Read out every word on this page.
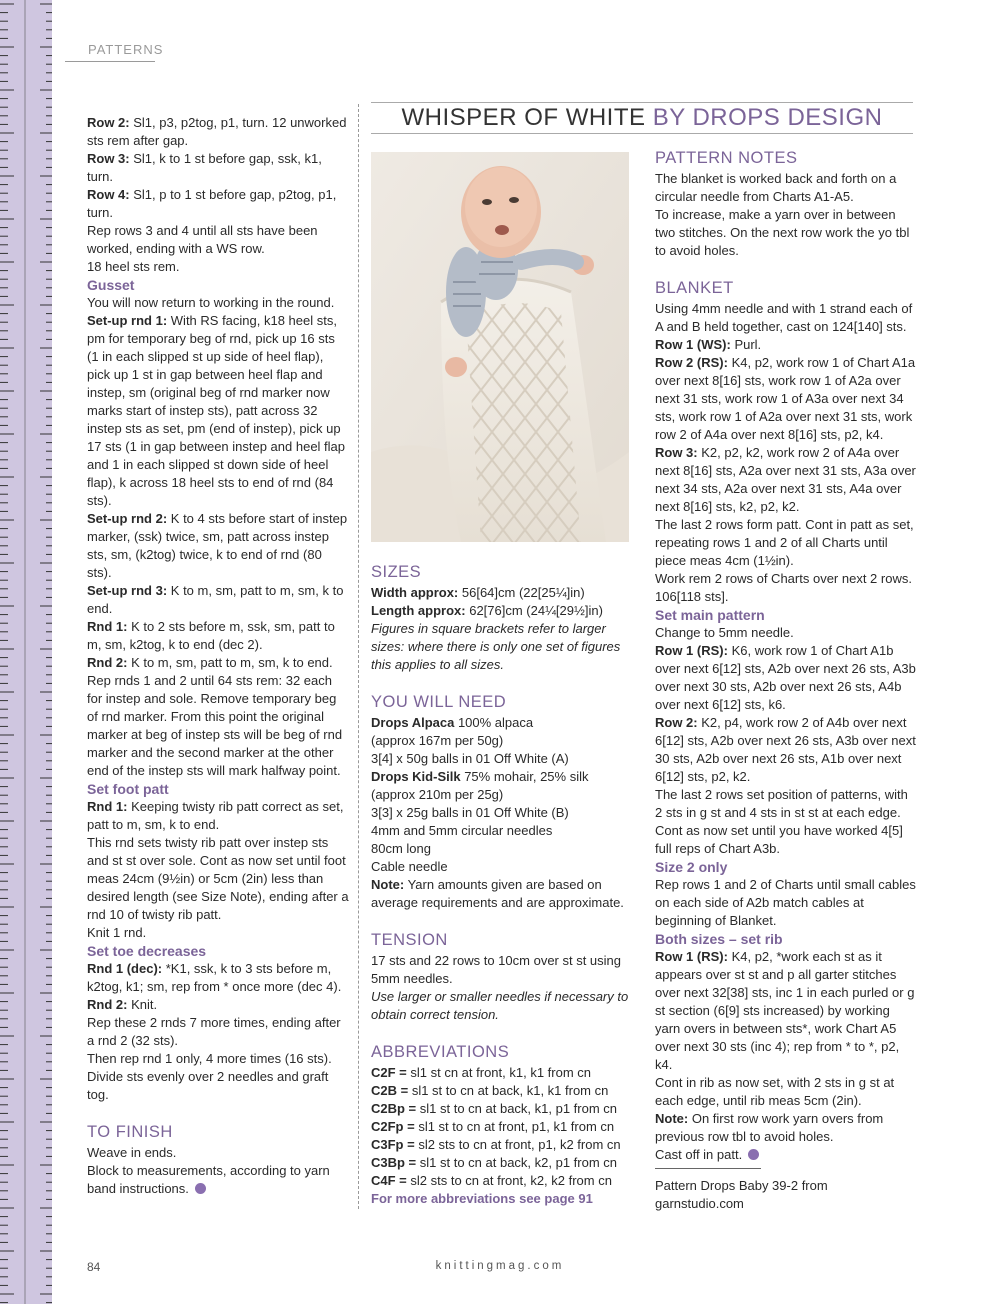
PATTERNS
WHISPER OF WHITE BY DROPS DESIGN

Row 2: Sl1, p3, p2tog, p1, turn. 12 unworked sts rem after gap.

Row 3: Sl1, k to 1 st before gap, ssk, k1, turn.

Row 4: Sl1, p to 1 st before gap, p2tog, p1, turn.

Rep rows 3 and 4 until all sts have been worked, ending with a WS row.

18 heel sts rem.

Gusset

You will now return to working in the round.

Set-up rnd 1: With RS facing, k18 heel sts, pm for temporary beg of rnd, pick up 16 sts (1 in each slipped st up side of heel flap), pick up 1 st in gap between heel flap and instep, sm (original beg of rnd marker now marks start of instep sts), patt across 32 instep sts as set, pm (end of instep), pick up 17 sts (1 in gap between instep and heel flap and 1 in each slipped st down side of heel flap), k across 18 heel sts to end of rnd (84 sts).

Set-up rnd 2: K to 4 sts before start of instep marker, (ssk) twice, sm, patt across instep sts, sm, (k2tog) twice, k to end of rnd (80 sts).

Set-up rnd 3: K to m, sm, patt to m, sm, k to end.

Rnd 1: K to 2 sts before m, ssk, sm, patt to m, sm, k2tog, k to end (dec 2).

Rnd 2: K to m, sm, patt to m, sm, k to end.

Rep rnds 1 and 2 until 64 sts rem: 32 each for instep and sole. Remove temporary beg of rnd marker. From this point the original marker at beg of instep sts will be beg of rnd marker and the second marker at the other end of the instep sts will mark halfway point.

Set foot patt

Rnd 1: Keeping twisty rib patt correct as set, patt to m, sm, k to end.

This rnd sets twisty rib patt over instep sts and st st over sole. Cont as now set until foot meas 24cm (9½in) or 5cm (2in) less than desired length (see Size Note), ending after a rnd 10 of twisty rib patt.

Knit 1 rnd.

Set toe decreases

Rnd 1 (dec): *K1, ssk, k to 3 sts before m, k2tog, k1; sm, rep from * once more (dec 4).

Rnd 2: Knit.

Rep these 2 rnds 7 more times, ending after a rnd 2 (32 sts).

Then rep rnd 1 only, 4 more times (16 sts).

Divide sts evenly over 2 needles and graft tog.

TO FINISH

Weave in ends.

Block to measurements, according to yarn band instructions.

SIZES

Width approx: 56[64]cm (22[25¼]in)

Length approx: 62[76]cm (24¼[29½]in)

Figures in square brackets refer to larger sizes: where there is only one set of figures this applies to all sizes.

YOU WILL NEED

Drops Alpaca 100% alpaca

(approx 167m per 50g)

3[4] x 50g balls in 01 Off White (A)

Drops Kid-Silk 75% mohair, 25% silk

(approx 210m per 25g)

3[3] x 25g balls in 01 Off White (B)

4mm and 5mm circular needles

80cm long

Cable needle

Note: Yarn amounts given are based on average requirements and are approximate.

TENSION

17 sts and 22 rows to 10cm over st st using 5mm needles.

Use larger or smaller needles if necessary to obtain correct tension.

ABBREVIATIONS

C2F = sl1 st cn at front, k1, k1 from cn

C2B = sl1 st to cn at back, k1, k1 from cn

C2Bp = sl1 st to cn at back, k1, p1 from cn

C2Fp = sl1 st to cn at front, p1, k1 from cn

C3Fp = sl2 sts to cn at front, p1, k2 from cn

C3Bp = sl1 st to cn at back, k2, p1 from cn

C4F = sl2 sts to cn at front, k2, k2 from cn

For more abbreviations see page 91

PATTERN NOTES

The blanket is worked back and forth on a circular needle from Charts A1-A5.

To increase, make a yarn over in between two stitches. On the next row work the yo tbl to avoid holes.

BLANKET

Using 4mm needle and with 1 strand each of A and B held together, cast on 124[140] sts.

Row 1 (WS): Purl.

Row 2 (RS): K4, p2, work row 1 of Chart A1a over next 8[16] sts, work row 1 of A2a over next 31 sts, work row 1 of A3a over next 34 sts, work row 1 of A2a over next 31 sts, work row 2 of A4a over next 8[16] sts, p2, k4.

Row 3: K2, p2, k2, work row 2 of A4a over next 8[16] sts, A2a over next 31 sts, A3a over next 34 sts, A2a over next 31 sts, A4a over next 8[16] sts, k2, p2, k2.

The last 2 rows form patt. Cont in patt as set, repeating rows 1 and 2 of all Charts until piece meas 4cm (1½in).

Work rem 2 rows of Charts over next 2 rows. 106[118 sts].

Set main pattern

Change to 5mm needle.

Row 1 (RS): K6, work row 1 of Chart A1b over next 6[12] sts, A2b over next 26 sts, A3b over next 30 sts, A2b over next 26 sts, A4b over next 6[12] sts, k6.

Row 2: K2, p4, work row 2 of A4b over next 6[12] sts, A2b over next 26 sts, A3b over next 30 sts, A2b over next 26 sts, A1b over next 6[12] sts, p2, k2.

The last 2 rows set position of patterns, with 2 sts in g st and 4 sts in st st at each edge. Cont as now set until you have worked 4[5] full reps of Chart A3b.

Size 2 only

Rep rows 1 and 2 of Charts until small cables on each side of A2b match cables at beginning of Blanket.

Both sizes – set rib

Row 1 (RS): K4, p2, *work each st as it appears over st st and p all garter stitches over next 32[38] sts, inc 1 in each purled or g st section (6[9] sts increased) by working yarn overs in between sts*, work Chart A5 over next 30 sts (inc 4); rep from * to *, p2, k4.

Cont in rib as now set, with 2 sts in g st at each edge, until rib meas 5cm (2in).

Note: On first row work yarn overs from previous row tbl to avoid holes.

Cast off in patt.

Pattern Drops Baby 39-2 from garnstudio.com

84	knittingmag.com
